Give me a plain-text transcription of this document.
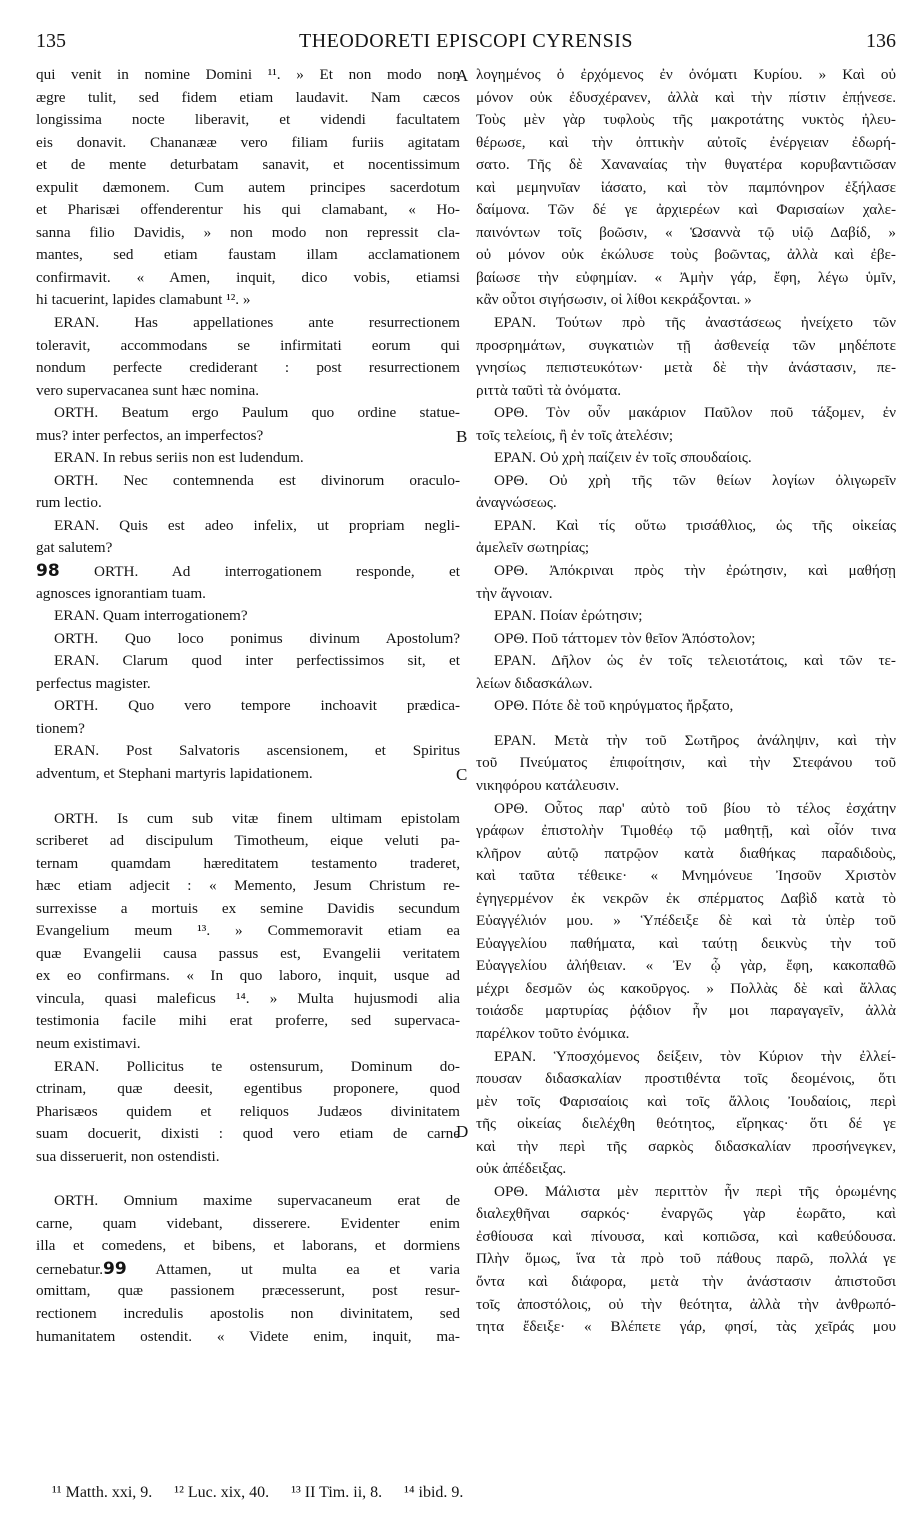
135	THEODORETI EPISCOPI CYRENSIS	136
qui venit in nomine Domini ¹¹. » Et non modo non
ægre tulit, sed fidem etiam laudavit. Nam cæcos
longissima nocte liberavit, et videndi facultatem
eis donavit. Chananææ vero filiam furiis agitatam
et de mente deturbatam sanavit, et nocentissimum
expulit dæmonem. Cum autem principes sacerdotum
et Pharisæi offenderentur his qui clamabant, « Ho-
sanna filio Davidis, » non modo non repressit cla-
mantes, sed etiam faustam illam acclamationem
confirmavit. « Amen, inquit, dico vobis, etiamsi
hi tacuerint, lapides clamabunt ¹². »
ERAN. Has appellationes ante resurrectionem
toleravit, accommodans se infirmitati eorum qui
nondum perfecte crediderant : post resurrectionem
vero supervacanea sunt hæc nomina.
ORTH. Beatum ergo Paulum quo ordine statue-
mus? inter perfectos, an imperfectos?
ERAN. In rebus seriis non est ludendum.
ORTH. Nec contemnenda est divinorum oraculo-
rum lectio.
ERAN. Quis est adeo infelix, ut propriam negli-
gat salutem?
98 ORTH. Ad interrogationem responde, et
agnosces ignorantiam tuam.
ERAN. Quam interrogationem?
ORTH. Quo loco ponimus divinum Apostolum?
ERAN. Clarum quod inter perfectissimos sit, et
perfectus magister.
ORTH. Quo vero tempore inchoavit prædica-
tionem?
ERAN. Post Salvatoris ascensionem, et Spiritus
adventum, et Stephani martyris lapidationem.
ORTH. Is cum sub vitæ finem ultimam epistolam
scriberet ad discipulum Timotheum, eique veluti pa-
ternam quamdam hæreditatem testamento traderet,
hæc etiam adjecit : « Memento, Jesum Christum re-
surrexisse a mortuis ex semine Davidis secundum
Evangelium meum ¹³. » Commemoravit etiam ea
quæ Evangelii causa passus est, Evangelii veritatem
ex eo confirmans. « In quo laboro, inquit, usque ad
vincula, quasi maleficus ¹⁴. » Multa hujusmodi alia
testimonia facile mihi erat proferre, sed supervaca-
neum existimavi.
ERAN. Pollicitus te ostensurum, Dominum do-
ctrinam, quæ deesit, egentibus proponere, quod
Pharisæos quidem et reliquos Judæos divinitatem
suam docuerit, dixisti : quod vero etiam de carne
sua disseruerit, non ostendisti.
ORTH. Omnium maxime supervacaneum erat de
carne, quam videbant, disserere. Evidenter enim
illa et comedens, et bibens, et laborans, et dormiens
cernebatur.99 Attamen, ut multa ea et varia
omittam, quæ passionem præcesserunt, post resur-
rectionem incredulis apostolis non divinitatem, sed
humanitatem ostendit. « Videte enim, inquit, ma-
λογημένος ὁ ἐρχόμενος ἐν ὀνόματι Κυρίου. » Καὶ οὐ
μόνον οὐκ ἐδυσχέρανεν, ἀλλὰ καὶ τὴν πίστιν ἐπῄνεσε.
Τοὺς μὲν γὰρ τυφλοὺς τῆς μακροτάτης νυκτὸς ἠλευ-
θέρωσε, καὶ τὴν ὀπτικὴν αὐτοῖς ἐνέργειαν ἐδωρή-
σατο. Τῆς δὲ Χαναναίας τὴν θυγατέρα κορυβαντιῶσαν
καὶ μεμηνυῖαν ἰάσατο, καὶ τὸν παμπόνηρον ἐξήλασε
δαίμονα. Τῶν δέ γε ἀρχιερέων καὶ Φαρισαίων χαλε-
παινόντων τοῖς βοῶσιν, « Ὡσαννὰ τῷ υἱῷ Δαβίδ, »
οὐ μόνον οὐκ ἐκώλυσε τοὺς βοῶντας, ἀλλὰ καὶ ἐβε-
βαίωσε τὴν εὐφημίαν. « Ἀμὴν γάρ, ἔφη, λέγω ὑμῖν,
κἂν οὗτοι σιγήσωσιν, οἱ λίθοι κεκράξονται. »
ΕΡΑΝ. Τούτων πρὸ τῆς ἀναστάσεως ἠνείχετο τῶν
προσρημάτων, συγκατιὼν τῇ ἀσθενείᾳ τῶν μηδέποτε
γνησίως πεπιστευκότων· μετὰ δὲ τὴν ἀνάστασιν, πε-
ριττὰ ταῦτὶ τὰ ὀνόματα.
ΟΡΘ. Τὸν οὖν μακάριον Παῦλον ποῦ τάξομεν, ἐν
τοῖς τελείοις, ἢ ἐν τοῖς ἀτελέσιν;
ΕΡΑΝ. Οὐ χρὴ παίζειν ἐν τοῖς σπουδαίοις.
ΟΡΘ. Οὐ χρὴ τῆς τῶν θείων λογίων ὀλιγωρεῖν
ἀναγνώσεως.
ΕΡΑΝ. Καὶ τίς οὕτω τρισάθλιος, ὡς τῆς οἰκείας
ἀμελεῖν σωτηρίας;
ΟΡΘ. Ἀπόκριναι πρὸς τὴν ἐρώτησιν, καὶ μαθήσῃ
τὴν ἄγνοιαν.
ΕΡΑΝ. Ποίαν ἐρώτησιν;
ΟΡΘ. Ποῦ τάττομεν τὸν θεῖον Ἀπόστολον;
ΕΡΑΝ. Δῆλον ὡς ἐν τοῖς τελειοτάτοις, καὶ τῶν τε-
λείων διδασκάλων.
ΟΡΘ. Πότε δὲ τοῦ κηρύγματος ἤρξατο,
ΕΡΑΝ. Μετὰ τὴν τοῦ Σωτῆρος ἀνάληψιν, καὶ τὴν
τοῦ Πνεύματος ἐπιφοίτησιν, καὶ τὴν Στεφάνου τοῦ
νικηφόρου κατάλευσιν.
ΟΡΘ. Οὗτος παρ' αὐτὸ τοῦ βίου τὸ τέλος ἐσχάτην
γράφων ἐπιστολὴν Τιμοθέῳ τῷ μαθητῇ, καὶ οἷόν τινα
κλῆρον αὐτῷ πατρῷον κατὰ διαθήκας παραδιδοὺς,
καὶ ταῦτα τέθεικε· « Μνημόνευε Ἰησοῦν Χριστὸν
ἐγηγερμένον ἐκ νεκρῶν ἐκ σπέρματος Δαβὶδ κατὰ τὸ
Εὐαγγέλιόν μου. » Ὑπέδειξε δὲ καὶ τὰ ὑπὲρ τοῦ
Εὐαγγελίου παθήματα, καὶ ταύτῃ δεικνὺς τὴν τοῦ
Εὐαγγελίου ἀλήθειαν. « Ἐν ᾧ γὰρ, ἔφη, κακοπαθῶ
μέχρι δεσμῶν ὡς κακοῦργος. » Πολλὰς δὲ καὶ ἄλλας
τοιάσδε μαρτυρίας ῥᾴδιον ἦν μοι παραγαγεῖν, ἀλλὰ
παρέλκον τοῦτο ἐνόμικα.
ΕΡΑΝ. Ὑποσχόμενος δείξειν, τὸν Κύριον τὴν ἐλλεί-
πουσαν διδασκαλίαν προστιθέντα τοῖς δεομένοις, ὅτι
μὲν τοῖς Φαρισαίοις καὶ τοῖς ἄλλοις Ἰουδαίοις, περὶ
τῆς οἰκείας διελέχθη θεότητος, εἴρηκας· ὅτι δέ γε
καὶ τὴν περὶ τῆς σαρκὸς διδασκαλίαν προσήνεγκεν,
οὐκ ἀπέδειξας.
ΟΡΘ. Μάλιστα μὲν περιττὸν ἦν περὶ τῆς ὁρωμένης
διαλεχθῆναι σαρκός· ἐναργῶς γὰρ ἑωρᾶτο, καὶ
ἐσθίουσα καὶ πίνουσα, καὶ κοπιῶσα, καὶ καθεύδουσα.
Πλὴν ὅμως, ἵνα τὰ πρὸ τοῦ πάθους παρῶ, πολλά γε
ὄντα καὶ διάφορα, μετὰ τὴν ἀνάστασιν ἀπιστοῦσι
τοῖς ἀποστόλοις, οὐ τὴν θεότητα, ἀλλὰ τὴν ἀνθρωπό-
τητα ἔδειξε· « Βλέπετε γάρ, φησί, τὰς χεῖράς μου
A
B
C
D
¹¹ Matth. xxi, 9. ¹² Luc. xix, 40. ¹³ II Tim. ii, 8. ¹⁴ ibid. 9.
